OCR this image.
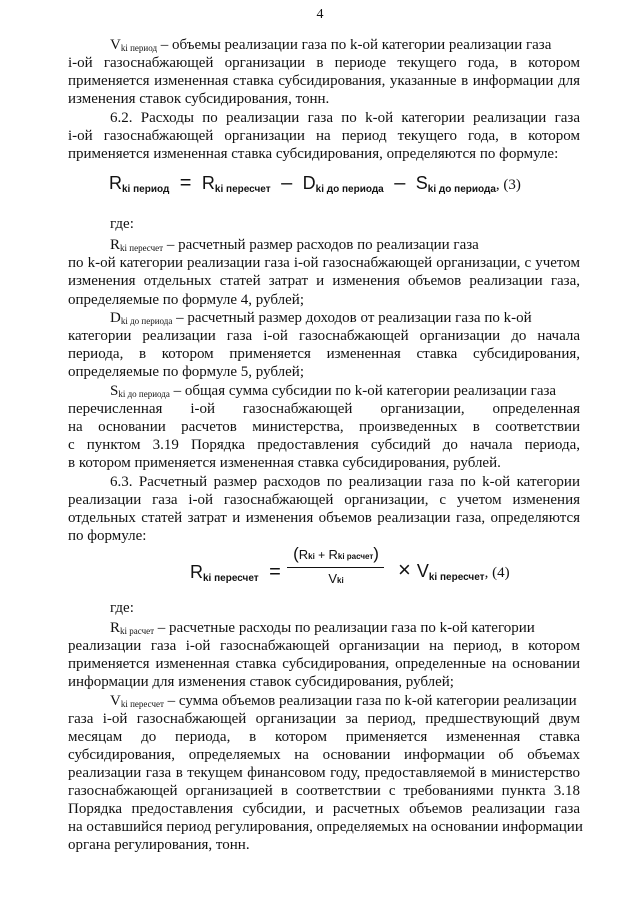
4
$V_{ki период}$ – объемы реализации газа по k-ой категории реализации газа
i-ой газоснабжающей организации в периоде текущего года, в котором
применяется измененная ставка субсидирования, указанные в информации для
изменения ставок субсидирования, тонн.
6.2. Расходы по реализации газа по k-ой категории реализации газа
i-ой газоснабжающей организации на период текущего года, в котором
применяется измененная ставка субсидирования, определяются по формуле:
Rki период = Rki пересчет – Dki до периода – Ski до периода, (3)
где:
$R_{ki пересчет}$ – расчетный размер расходов по реализации газа
по k-ой категории реализации газа i-ой газоснабжающей организации, с учетом
изменения отдельных статей затрат и изменения объемов реализации газа,
определяемые по формуле 4, рублей;
$D_{ki до периода}$ – расчетный размер доходов от реализации газа по k-ой
категории реализации газа i-ой газоснабжающей организации до начала
периода, в котором применяется измененная ставка субсидирования,
определяемые по формуле 5, рублей;
$S_{ki до периода}$ – общая сумма субсидии по k-ой категории реализации газа
перечисленная i-ой газоснабжающей организации, определенная
на основании расчетов министерства, произведенных в соответствии
с пунктом 3.19 Порядка предоставления субсидий до начала периода,
в котором применяется измененная ставка субсидирования, рублей.
6.3. Расчетный размер расходов по реализации газа по k-ой категории
реализации газа i-ой газоснабжающей организации, с учетом изменения
отдельных статей затрат и изменения объемов реализации газа, определяются
по формуле:
Rki пересчет =
(Rki + Rki расчет)
Vki	× Vki пересчет, (4)
где:
$R_{ki расчет}$ – расчетные расходы по реализации газа по k-ой категории
реализации газа i-ой газоснабжающей организации на период, в котором
применяется измененная ставка субсидирования, определенные на основании
информации для изменения ставок субсидирования, рублей;
$V_{ki пересчет}$ – сумма объемов реализации газа по k-ой категории реализации
газа i-ой газоснабжающей организации за период, предшествующий двум
месяцам до периода, в котором применяется измененная ставка
субсидирования, определяемых на основании информации об объемах
реализации газа в текущем финансовом году, предоставляемой в министерство
газоснабжающей организацией в соответствии с требованиями пункта 3.18
Порядка предоставления субсидии, и расчетных объемов реализации газа
на оставшийся период регулирования, определяемых на основании информации
органа регулирования, тонн.
